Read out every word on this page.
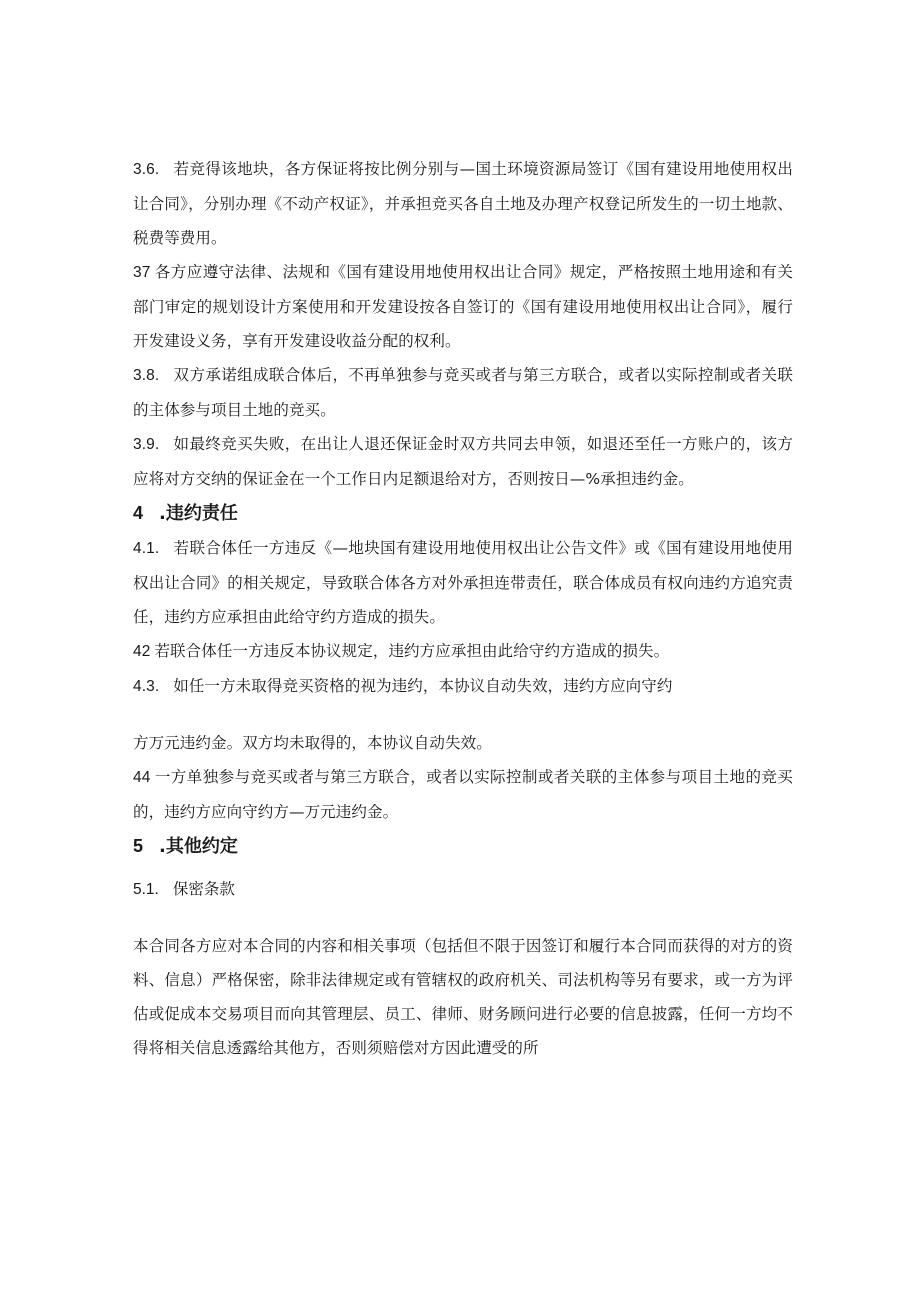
3.6. 若竞得该地块，各方保证将按比例分别与—国土环境资源局签订《国有建设用地使用权出让合同》，分别办理《不动产权证》，并承担竞买各自土地及办理产权登记所发生的一切土地款、税费等费用。

37 各方应遵守法律、法规和《国有建设用地使用权出让合同》规定，严格按照土地用途和有关部门审定的规划设计方案使用和开发建设按各自签订的《国有建设用地使用权出让合同》，履行开发建设义务，享有开发建设收益分配的权利。

3.8. 双方承诺组成联合体后，不再单独参与竞买或者与第三方联合，或者以实际控制或者关联的主体参与项目土地的竞买。

3.9. 如最终竞买失败，在出让人退还保证金时双方共同去申领，如退还至任一方账户的，该方应将对方交纳的保证金在一个工作日内足额退给对方，否则按日—%承担违约金。

4 .违约责任

4.1. 若联合体任一方违反《—地块国有建设用地使用权出让公告文件》或《国有建设用地使用权出让合同》的相关规定，导致联合体各方对外承担连带责任，联合体成员有权向违约方追究责任，违约方应承担由此给守约方造成的损失。

42 若联合体任一方违反本协议规定，违约方应承担由此给守约方造成的损失。

4.3. 如任一方未取得竞买资格的视为违约，本协议自动失效，违约方应向守约

方万元违约金。双方均未取得的，本协议自动失效。

44 一方单独参与竞买或者与第三方联合，或者以实际控制或者关联的主体参与项目土地的竞买的，违约方应向守约方—万元违约金。

5 .其他约定

5.1. 保密条款

本合同各方应对本合同的内容和相关事项（包括但不限于因签订和履行本合同而获得的对方的资料、信息）严格保密，除非法律规定或有管辖权的政府机关、司法机构等另有要求，或一方为评估或促成本交易项目而向其管理层、员工、律师、财务顾问进行必要的信息披露，任何一方均不得将相关信息透露给其他方，否则须赔偿对方因此遭受的所
